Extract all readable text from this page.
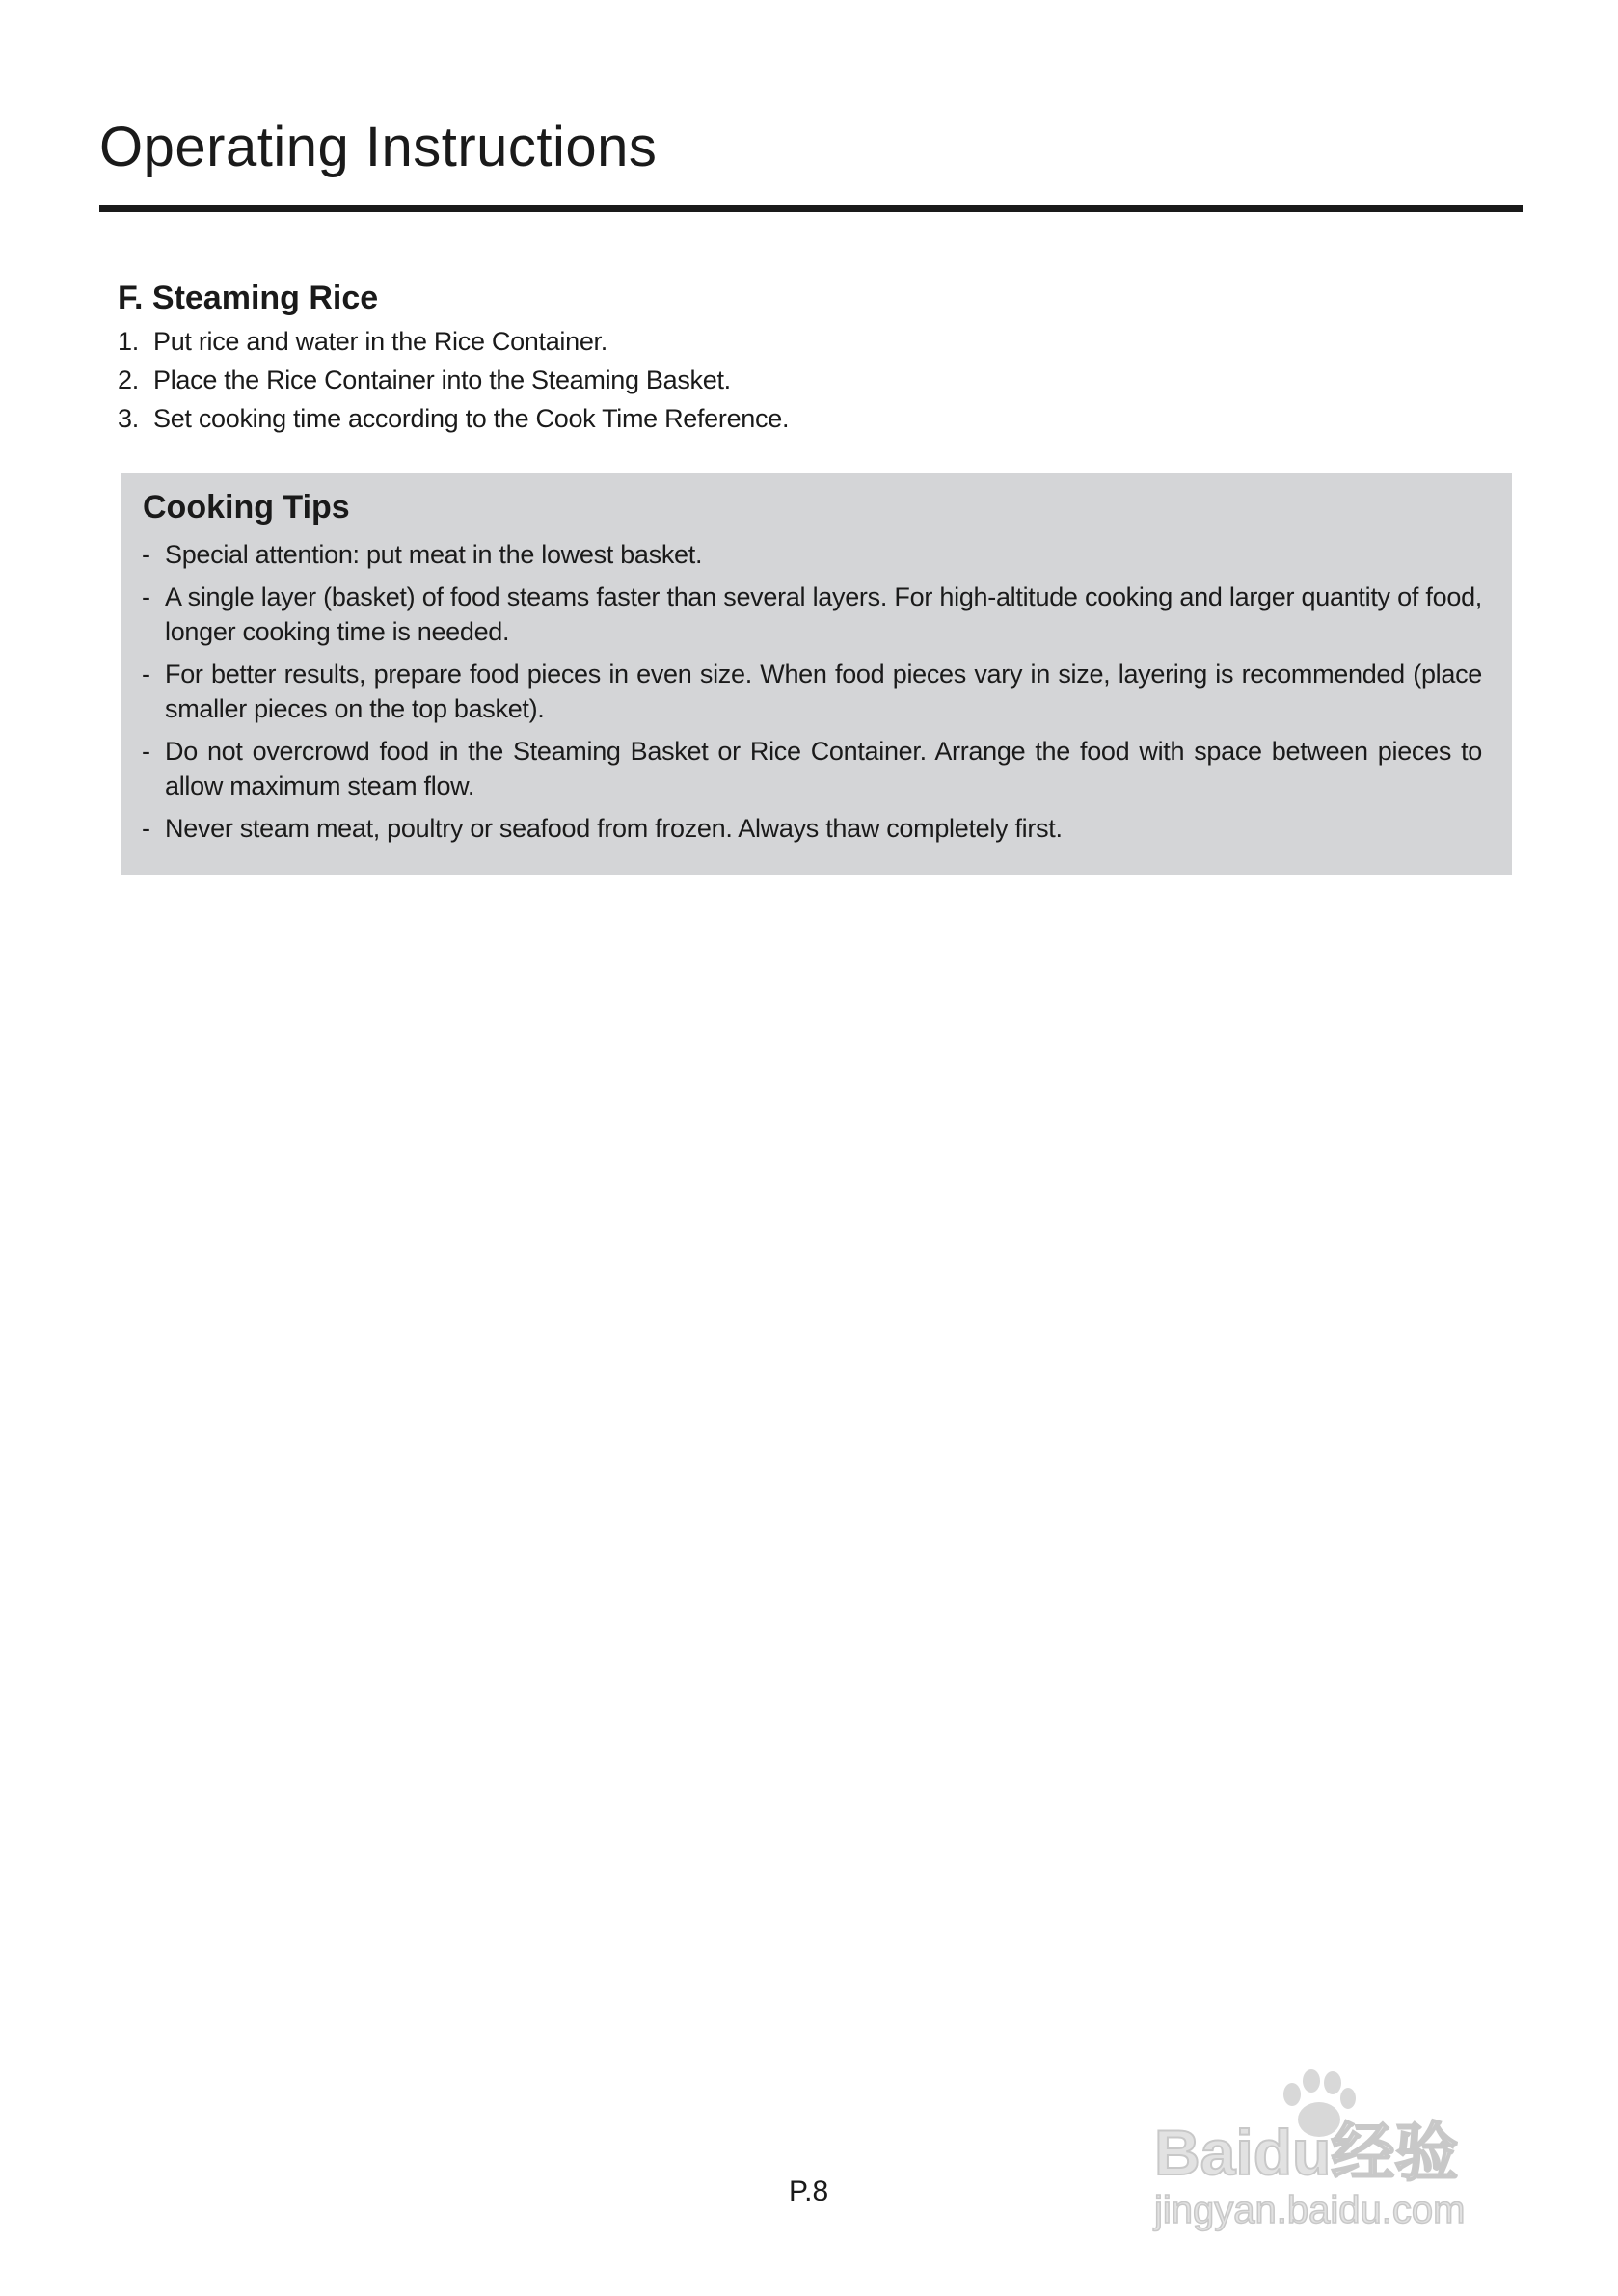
Operating Instructions
F. Steaming Rice
1. Put rice and water in the Rice Container.
2. Place the Rice Container into the Steaming Basket.
3. Set cooking time according to the Cook Time Reference.
Cooking Tips
- Special attention: put meat in the lowest basket.
- A single layer (basket) of food steams faster than several layers. For high-altitude cooking and larger quantity of food, longer cooking time is needed.
- For better results, prepare food pieces in even size. When food pieces vary in size, layering is recommended (place smaller pieces on the top basket).
- Do not overcrowd food in the Steaming Basket or Rice Container. Arrange the food with space between pieces to allow maximum steam flow.
- Never steam meat, poultry or seafood from frozen. Always thaw completely first.
P.8
Baidu经验
jingyan.baidu.com
